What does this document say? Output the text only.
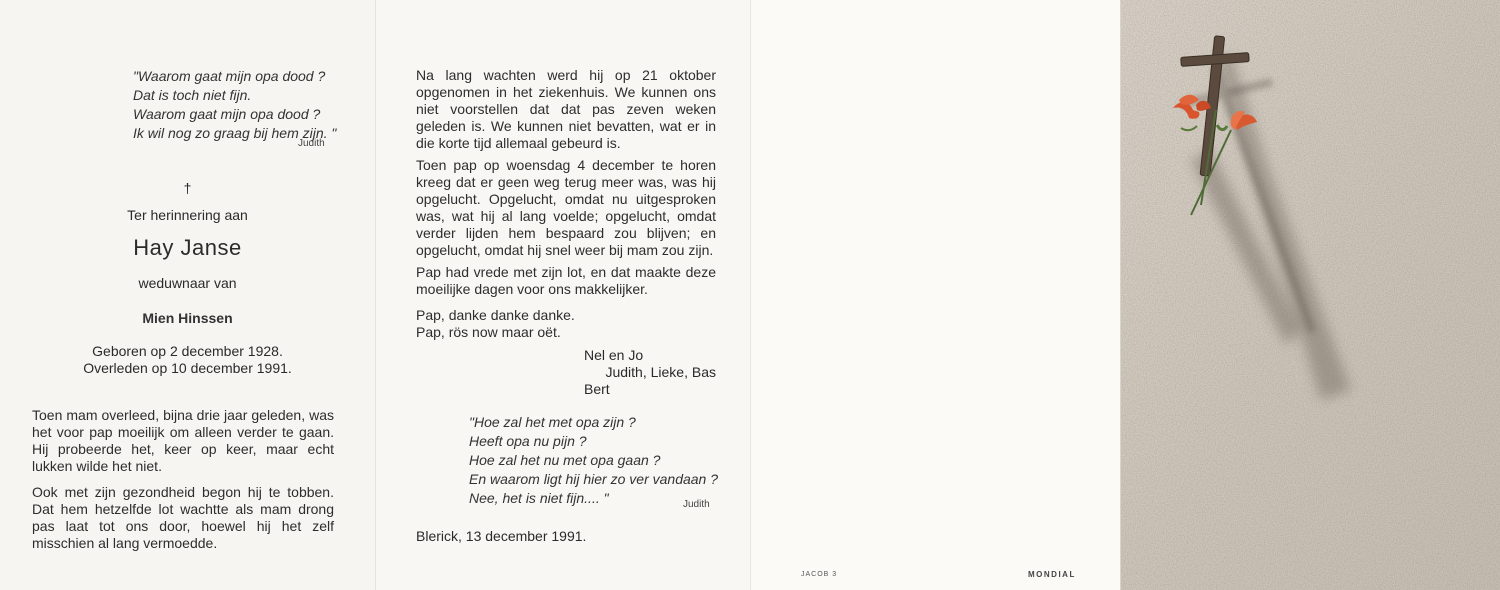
"Waarom gaat mijn opa dood ?

Dat is toch niet fijn.

Waarom gaat mijn opa dood ?

Ik wil nog zo graag bij hem zijn. "

Judith
†
Ter herinnering aan
Hay Janse
weduwnaar van
Mien Hinssen
Geboren op 2 december 1928.
Overleden op 10 december 1991.

Toen mam overleed, bijna drie jaar geleden, was het voor pap moeilijk om alleen verder te gaan. Hij probeerde het, keer op keer, maar echt lukken wilde het niet.

Ook met zijn gezondheid begon hij te tobben. Dat hem hetzelfde lot wachtte als mam drong pas laat tot ons door, hoewel hij het zelf misschien al lang vermoedde.

Na lang wachten werd hij op 21 oktober opgenomen in het ziekenhuis. We kunnen ons niet voorstellen dat dat pas zeven weken geleden is. We kunnen niet bevatten, wat er in die korte tijd allemaal gebeurd is.

Toen pap op woensdag 4 december te horen kreeg dat er geen weg terug meer was, was hij opgelucht. Opgelucht, omdat nu uitgesproken was, wat hij al lang voelde; opgelucht, omdat verder lijden hem bespaard zou blijven; en opgelucht, omdat hij snel weer bij mam zou zijn.

Pap had vrede met zijn lot, en dat maakte deze moeilijke dagen voor ons makkelijker.

Pap, danke danke danke.
Pap, rös now maar oët.

Nel en Jo
Judith, Lieke, Bas
Bert

"Hoe zal het met opa zijn ?

Heeft opa nu pijn ?

Hoe zal het nu met opa gaan ?

En waarom ligt hij hier zo ver vandaan ?

Nee, het is niet fijn.... "	Judith
Blerick, 13 december 1991.
JACOB 3	MONDIAL
